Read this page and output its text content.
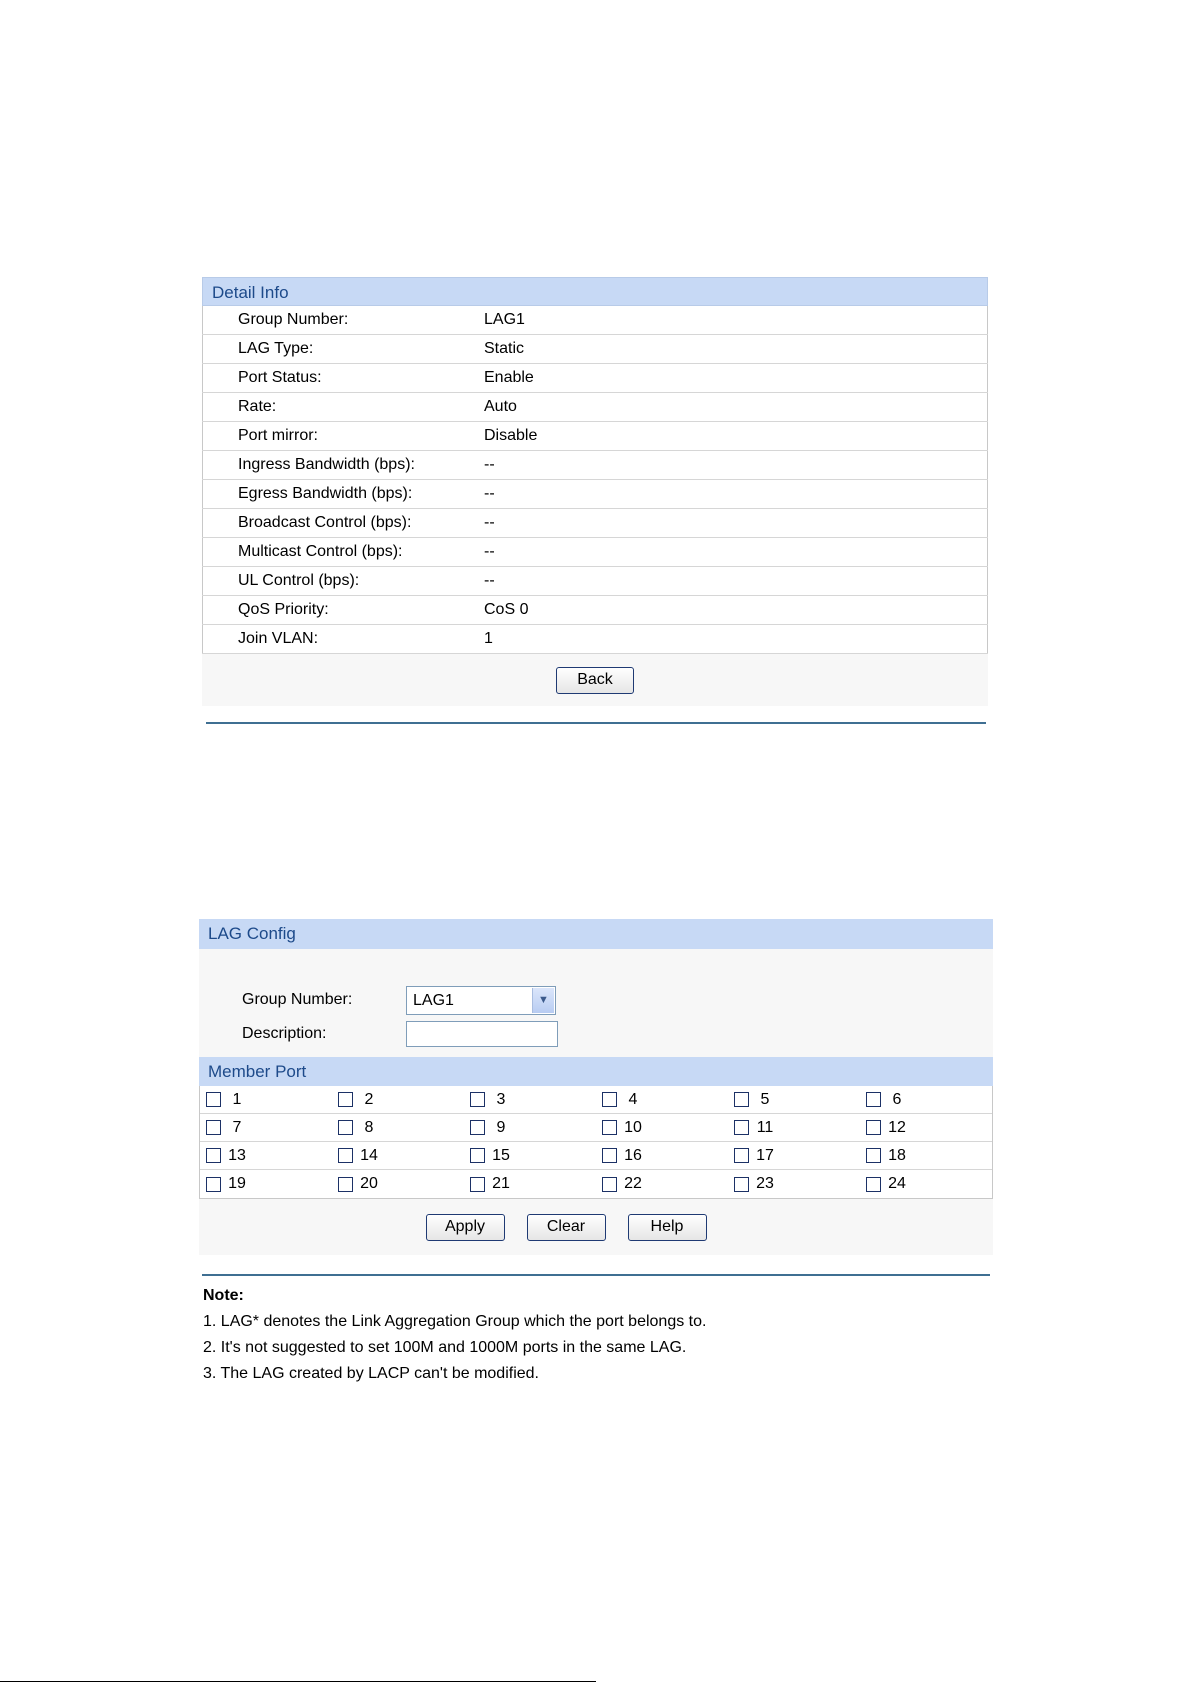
Detail Info
Group Number:	LAG1
LAG Type:	Static
Port Status:	Enable
Rate:	Auto
Port mirror:	Disable
Ingress Bandwidth (bps):	--
Egress Bandwidth (bps):	--
Broadcast Control (bps):	--
Multicast Control (bps):	--
UL Control (bps):	--
QoS Priority:	CoS 0
Join VLAN:	1
Back
LAG Config
Group Number:	LAG1	▼
Description:
Member Port
1	2	3	4	5	6
7	8	9	10	11	12
13	14	15	16	17	18
19	20	21	22	23	24
Apply	Clear	Help
Note:
1. LAG* denotes the Link Aggregation Group which the port belongs to.
2. It's not suggested to set 100M and 1000M ports in the same LAG.
3. The LAG created by LACP can't be modified.
